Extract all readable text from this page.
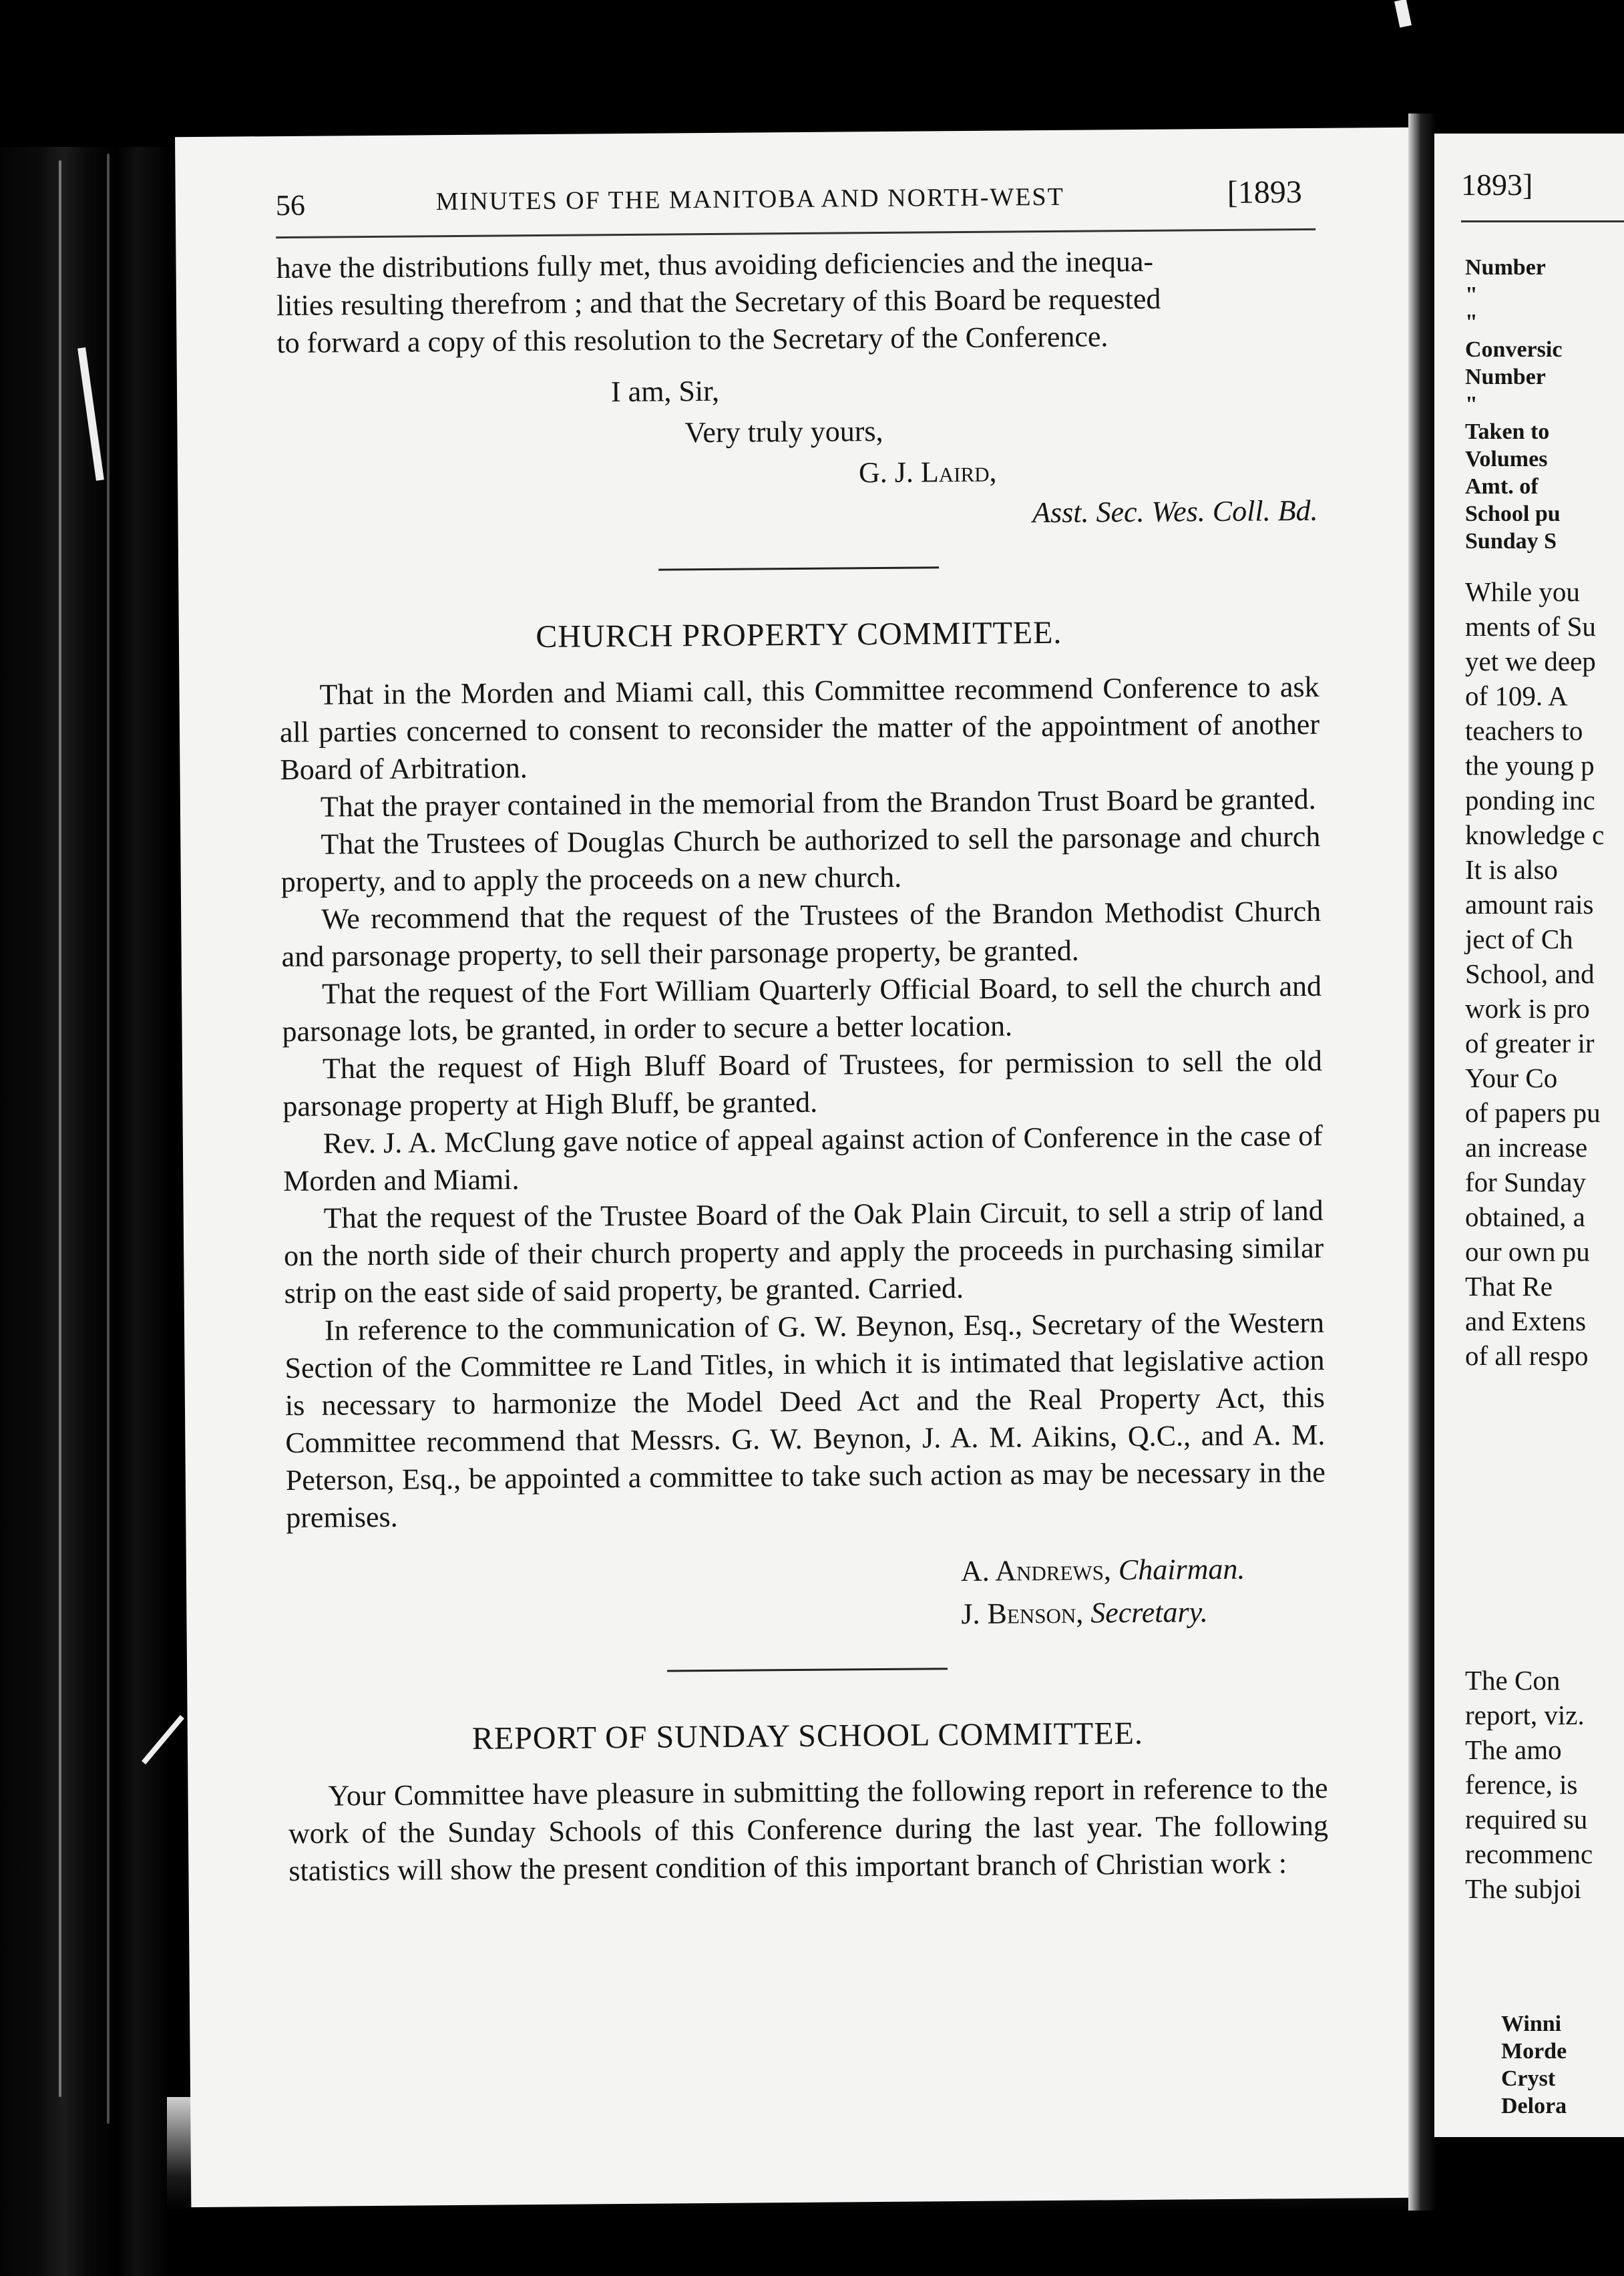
56	MINUTES OF THE MANITOBA AND NORTH-WEST	[1893
have the distributions fully met, thus avoiding deficiencies and the inequa-
lities resulting therefrom ; and that the Secretary of this Board be requested
to forward a copy of this resolution to the Secretary of the Conference.
I am, Sir,
Very truly yours,
G. J. Laird,
Asst. Sec. Wes. Coll. Bd.
CHURCH PROPERTY COMMITTEE.

That in the Morden and Miami call, this Committee recommend Conference to ask all parties concerned to consent to reconsider the matter of the appointment of another Board of Arbitration.

That the prayer contained in the memorial from the Brandon Trust Board be granted.

That the Trustees of Douglas Church be authorized to sell the parsonage and church property, and to apply the proceeds on a new church.

We recommend that the request of the Trustees of the Brandon Methodist Church and parsonage property, to sell their parsonage property, be granted.

That the request of the Fort William Quarterly Official Board, to sell the church and parsonage lots, be granted, in order to secure a better location.

That the request of High Bluff Board of Trustees, for permission to sell the old parsonage property at High Bluff, be granted.

Rev. J. A. McClung gave notice of appeal against action of Conference in the case of Morden and Miami.

That the request of the Trustee Board of the Oak Plain Circuit, to sell a strip of land on the north side of their church property and apply the proceeds in purchasing similar strip on the east side of said property, be granted. Carried.

In reference to the communication of G. W. Beynon, Esq., Secretary of the Western Section of the Committee re Land Titles, in which it is intimated that legislative action is necessary to harmonize the Model Deed Act and the Real Property Act, this Committee recommend that Messrs. G. W. Beynon, J. A. M. Aikins, Q.C., and A. M. Peterson, Esq., be appointed a committee to take such action as may be necessary in the premises.

A. Andrews, Chairman.
J. Benson, Secretary.
REPORT OF SUNDAY SCHOOL COMMITTEE.

Your Committee have pleasure in submitting the following report in reference to the work of the Sunday Schools of this Conference during the last year. The following statistics will show the present condition of this important branch of Christian work :

1893]
Number
"
"
Conversic
Number
"
Taken to
Volumes
Amt. of
School pu
Sunday S
While you
ments of Su
yet we deep
of 109. A
teachers to
the young p
ponding inc
knowledge c
It is also
amount rais
ject of Ch
School, and
work is pro
of greater ir
Your Co
of papers pu
an increase
for Sunday
obtained, a
our own pu
That Re
and Extens
of all respo
The Con
report, viz.
The amo
ference, is
required su
recommenc
The subjoi
Winni
Morde
Cryst
Delora
